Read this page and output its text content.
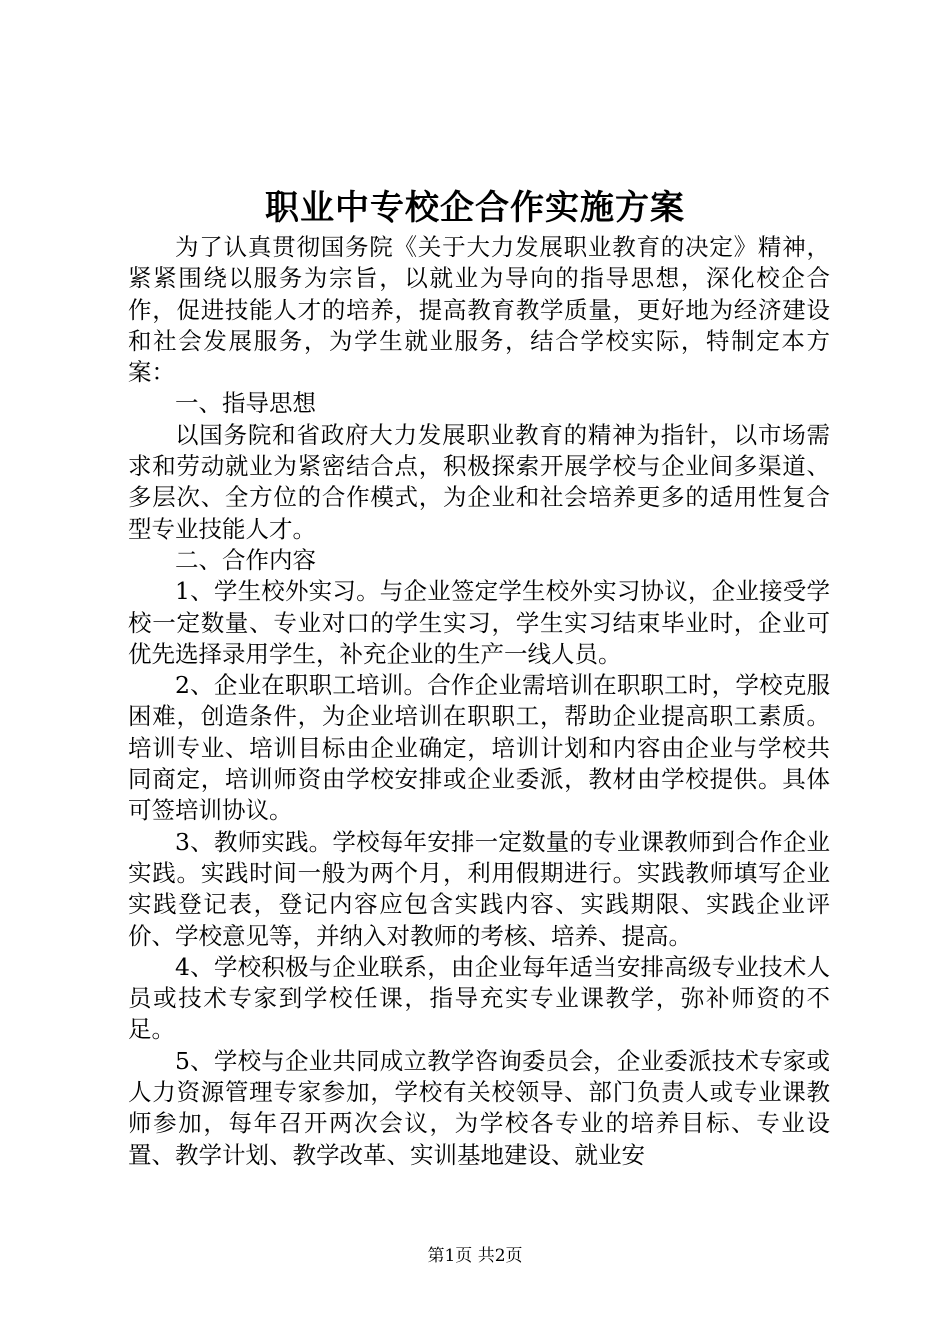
职业中专校企合作实施方案

为了认真贯彻国务院《关于大力发展职业教育的决定》精神，紧紧围绕以服务为宗旨，以就业为导向的指导思想，深化校企合作，促进技能人才的培养，提高教育教学质量，更好地为经济建设和社会发展服务，为学生就业服务，结合学校实际，特制定本方案：

一、指导思想

以国务院和省政府大力发展职业教育的精神为指针，以市场需求和劳动就业为紧密结合点，积极探索开展学校与企业间多渠道、多层次、全方位的合作模式，为企业和社会培养更多的适用性复合型专业技能人才。

二、合作内容

1、学生校外实习。与企业签定学生校外实习协议，企业接受学校一定数量、专业对口的学生实习，学生实习结束毕业时，企业可优先选择录用学生，补充企业的生产一线人员。

2、企业在职职工培训。合作企业需培训在职职工时，学校克服困难，创造条件，为企业培训在职职工，帮助企业提高职工素质。培训专业、培训目标由企业确定，培训计划和内容由企业与学校共同商定，培训师资由学校安排或企业委派，教材由学校提供。具体可签培训协议。

3、教师实践。学校每年安排一定数量的专业课教师到合作企业实践。实践时间一般为两个月，利用假期进行。实践教师填写企业实践登记表，登记内容应包含实践内容、实践期限、实践企业评价、学校意见等，并纳入对教师的考核、培养、提高。

4、学校积极与企业联系，由企业每年适当安排高级专业技术人员或技术专家到学校任课，指导充实专业课教学，弥补师资的不足。

5、学校与企业共同成立教学咨询委员会，企业委派技术专家或人力资源管理专家参加，学校有关校领导、部门负责人或专业课教师参加，每年召开两次会议，为学校各专业的培养目标、专业设置、教学计划、教学改革、实训基地建设、就业安

第1页 共2页
